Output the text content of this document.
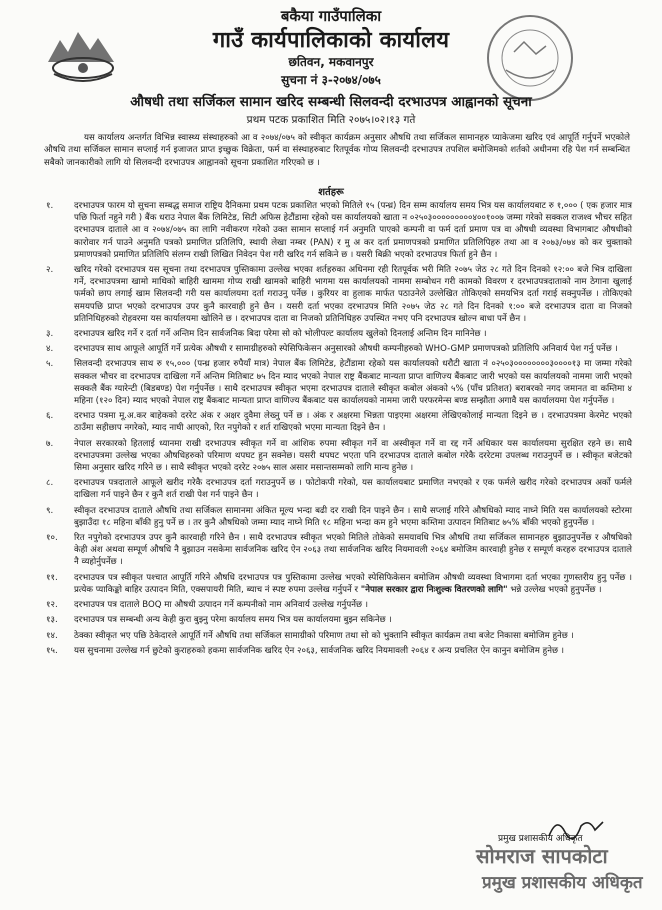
बकैया गाउँपालिका
गाउँ कार्यपालिकाको कार्यालय
छतिवन, मकवानपुर
सुचना नं ३-२०७४/०७५
औषधी तथा सर्जिकल सामान खरिद सम्बन्धी सिलवन्दी दरभाउपत्र आह्वानको सूचना
प्रथम पटक प्रकाशित मिति २०७५।०२।१३ गते
यस कार्यालय अन्तर्गत विभिन्न स्वास्थ्य संस्थाहरुको आ व २०७४/०७५ को स्वीकृत कार्यक्रम अनुसार औषधि तथा सर्जिकल सामानहरु प्याकेजमा खरिद एवं आपूर्ति गर्नुपर्ने भएकोले औषधि तथा सर्जिकल सामान सप्लाई गर्न इजाजत प्राप्त इच्छुक विक्रेता, फर्म वा संस्थाहरुबाट रितपूर्वक गोप्य सिलवन्दी दरभाउपत्र तपशिल बमोजिमको शर्तको अधीनमा रहि पेश गर्न सम्बन्धित सबैको जानकारीको लागि यो सिलवन्दी दरभाउपत्र आह्वानको सूचना प्रकाशित गरिएको छ ।
शर्तहरू
१.	दरभाउपत्र फारम यो सुचना सम्बद्ध समाज राष्ट्रिय दैनिकमा प्रथम पटक प्रकाशित भएको मितिले १५ (पन्ध्र) दिन सम्म कार्यालय समय भित्र यस कार्यालयबाट रु १,००० ( एक हजार मात्र पछि फिर्ता नहुने गरी ) बैंक धराउ नेपाल बैंक लिमिटेड, सिटी अफिस हेटौंडामा रहेको यस कार्यालयको खाता न ०२५०३०००००००००४००१००७ जम्मा गरेको सक्कल राजश्व भौचर सहित दरभाउपत्र दाताले आ व २०७४/०७५ का लागि नवीकरण गरेको उक्त सामान सप्लाई गर्न अनुमति पाएको कम्पनी वा फर्म दर्ता प्रमाण पत्र वा औषधी व्यवस्था विभागबाट औषधीको कारोवार गर्न पाउने अनुमति पत्रको प्रमाणित प्रतिलिपि, स्थायी लेखा नम्बर (PAN) र मु अ कर दर्ता प्रमाणपत्रको प्रमाणित प्रतिलिपिहरु तथा आ व २०७३/०७४ को कर चुक्ताको प्रमाणपत्रको प्रमाणित प्रतिलिपि संलग्न राखी लिखित निवेदन पेश गरी खरिद गर्न सकिने छ । यसरी बिक्री भएको दरभाउपत्र फिर्ता हुने छैन ।
२.	खरिद गरेको दरभाउपत्र यस सूचना तथा दरभाउपत्र पुस्तिकामा उल्लेख भएका शर्तहरुका अधिनमा रही रितपूर्वक भरी मिति २०७५ जेठ २८ गते दिन दिनको १२:०० बजे भित्र दाखिला गर्ने, दरभाउपत्रमा खामो माथिको बाहिरी खाममा गोप्य राखी खामको बाहिरी भागमा यस कार्यालयको नाममा सम्बोधन गरी कामको विवरण र दरभाउपत्रदाताको नाम ठेगाना खुलाई फर्मको छाप लगाई खाम सिलवन्दी गरी यस कार्यालयमा दर्ता गराउनु पर्नेछ । कुरियर वा हुलाक मार्फत पठाउनेले उल्लेखित तोकिएको समयभित्र दर्ता गराई सक्नुपर्नेछ । तोकिएको समयपछि प्राप्त भएको दरभाउपत्र उपर कुनै कारवाही हुने छैन । यसरी दर्ता भएका दरभाउपत्र मिति २०७५ जेठ २८ गते दिन दिनको १:०० बजे दरभाउपत्र दाता वा निजको प्रतिनिधिहरुको रोहवरमा यस कार्यालयमा खोलिने छ । दरभाउपत्र दाता वा निजको प्रतिनिधिहरु उपस्थित नभए पनि दरभाउपत्र खोल्न बाधा पर्ने छैन ।
३.	दरभाउपत्र खरिद गर्ने र दर्ता गर्ने अन्तिम दिन सार्वजनिक बिदा परेमा सो को भोलीपल्ट कार्यालय खुलेको दिनलाई अन्तिम दिन मानिनेछ ।
४.	दरभाउपत्र साथ आफूले आपूर्ति गर्ने प्रत्येक औषधी र सामाग्रीहरुको स्पेसिफिकेसन अनुसारको औषधी कम्पनीहरुको WHO-GMP प्रमाणपत्रको प्रतिलिपि अनिवार्य पेश गर्नु पर्नेछ ।
५.	सिलवन्दी दरभाउपत्र साथ रु १५,००० (पन्ध्र हजार रुपैयाँ मात्र) नेपाल बैंक लिमिटेड, हेटौंडामा रहेको यस कार्यालयको धरौटी खाता नं ०२५०३००००००००३००००१३ मा जम्मा गरेको सक्कल भौचर वा दरभाउपत्र दाखिला गर्ने अन्तिम मितिबाट ७५ दिन म्याद भएको नेपाल राष्ट्र बैंकबाट मान्यता प्राप्त वाणिज्य बैंकबाट जारी भएको यस कार्यालयको नाममा जारी भएको सक्कलै बैंक ग्यारेन्टी (बिडबण्ड) पेश गर्नुपर्नेछ । साथै दरभाउपत्र स्वीकृत भएमा दरभाउपत्र दाताले स्वीकृत कबोल अंकको ५% (पाँच प्रतिशत) बराबरको नगद जमानत वा कम्तिमा ४ महिना (१२० दिन) म्याद भएको नेपाल राष्ट्र बैंकबाट मान्यता प्राप्त वाणिज्य बैंकबाट यस कार्यालयको नाममा जारी परफरमेन्स बण्ड सम्झौता अगावै यस कार्यालयमा पेश गर्नुपर्नेछ ।
६.	दरभाउ पत्रमा मू.अ.कर बाहेकको दररेट अंक र अक्षर दुवैमा लेख्नु पर्ने छ । अंक र अक्षरमा भिन्नता पाइएमा अक्षरमा लेखिएकोलाई मान्यता दिइने छ । दरभाउपत्रमा केरमेट भएको ठाउँमा सहीछाप नगरेको, म्याद नाघी आएको, रित नपुगेको र शर्त राखिएको भएमा मान्यता दिइने छैन ।
७.	नेपाल सरकारको हितलाई ध्यानमा राखी दरभाउपत्र स्वीकृत गर्ने वा आंशिक रुपमा स्वीकृत गर्ने वा अस्वीकृत गर्ने वा रद्द गर्ने अधिकार यस कार्यालयमा सुरक्षित रहने छ। साथै दरभाउपत्रमा उल्लेख भएका औषधिहरुको परिमाण थपघट हुन सक्नेछ। यसरी थपघट भएता पनि दरभाउपत्र दाताले कबोल गरेकै दररेटमा उपलब्ध गराउनुपर्ने छ । स्वीकृत बजेटको सिमा अनुसार खरिद गरिने छ । साथै स्वीकृत भएको दररेट २०७५ साल असार मसान्तसम्मको लागि मान्य हुनेछ ।
८.	दरभाउपत्र पत्रदाताले आफूले खरीद गरेकै दरभाउपत्र दर्ता गराउनुपर्ने छ । फोटोकपी गरेको, यस कार्यालयबाट प्रमाणित नभएको र एक फर्मले खरीद गरेको दरभाउपत्र अर्को फर्मले दाखिला गर्न पाइने छैन र कुनै शर्त राखी पेश गर्न पाइने छैन ।
९.	स्वीकृत दरभाउपत्र दाताले औषधि तथा सर्जिकल सामानमा अंकित मूल्य भन्दा बढी दर राखी दिन पाइने छैन । साथै सप्लाई गरिने औषधिको म्याद नाघ्ने मिति यस कार्यालयको स्टोरमा बुझाउँदा १८ महिना बाँकी हुनु पर्ने छ । तर कुनै औषधिको जम्मा म्याद नाघ्ने मिति १८ महिना भन्दा कम हुने भएमा कम्तिमा उत्पादन मितिबाट ७५% बाँकी भएको हुनुपर्नेछ ।
१०.	रित नपुगेको दरभाउपत्र उपर कुनै कारवाही गरिने छैन । साथै दरभाउपत्र स्वीकृत भएको मितिले तोकेको समयावधि भित्र औषधि तथा सर्जिकल सामानहरु बुझाउनुपर्नेछ र औषधिको केही अंश अथवा सम्पूर्ण औषधि नै बुझाउन नसकेमा सार्वजनिक खरिद ऐन २०६३ तथा सार्वजनिक खरिद नियमावली २०६४ बमोजिम कारवाही हुनेछ र सम्पूर्ण करहरु दरभाउपत्र दाताले नै व्यहोर्नुपर्नेछ ।
११.	दरभाउपत्र पत्र स्वीकृत पश्चात आपूर्ति गरिने औषधि दरभाउपत्र पत्र पुस्तिकामा उल्लेख भएको स्पेसिफिकेसन बमोजिम औषधी व्यवस्था विभागमा दर्ता भएका गुणस्तरीय हुनु पर्नेछ । प्रत्येक प्याकिङ्को बाहिर उत्पादन मिति, एक्सपायरी मिति, ब्याच नं स्पष्ट रुपमा उल्लेख गर्नुपर्ने र "नेपाल सरकार द्वारा निःशुल्क वितरणको लागि" भन्ने उल्लेख भएको हुनुपर्नेछ ।
१२.	दरभाउपत्र पत्र दाताले BOQ मा औषधी उत्पादन गर्ने कम्पनीको नाम अनिवार्य उल्लेख गर्नुपर्नेछ ।
१३.	दरभाउपत्र पत्र सम्बन्धी अन्य केही कुरा बुझ्नु परेमा कार्यालय समय भित्र यस कार्यालयमा बुझ्न सकिनेछ ।
१४.	ठेक्का स्वीकृत भए पछि ठेकेदारले आपूर्ति गर्ने औषधि तथा सर्जिकल सामाग्रीको परिमाण तथा सो को भुक्तानि स्वीकृत कार्यक्रम तथा बजेट निकासा बमोजिम हुनेछ ।
१५.	यस सुचनामा उल्लेख गर्न छुटेको कुराहरुको हकमा सार्वजनिक खरिद ऐन २०६३, सार्वजनिक खरिद नियमावली २०६४ र अन्य प्रचलित ऐन कानुन बमोजिम हुनेछ ।
प्रमुख प्रशासकीय अधिकृत
सोमराज सापकोटा
प्रमुख प्रशासकीय अधिकृत
